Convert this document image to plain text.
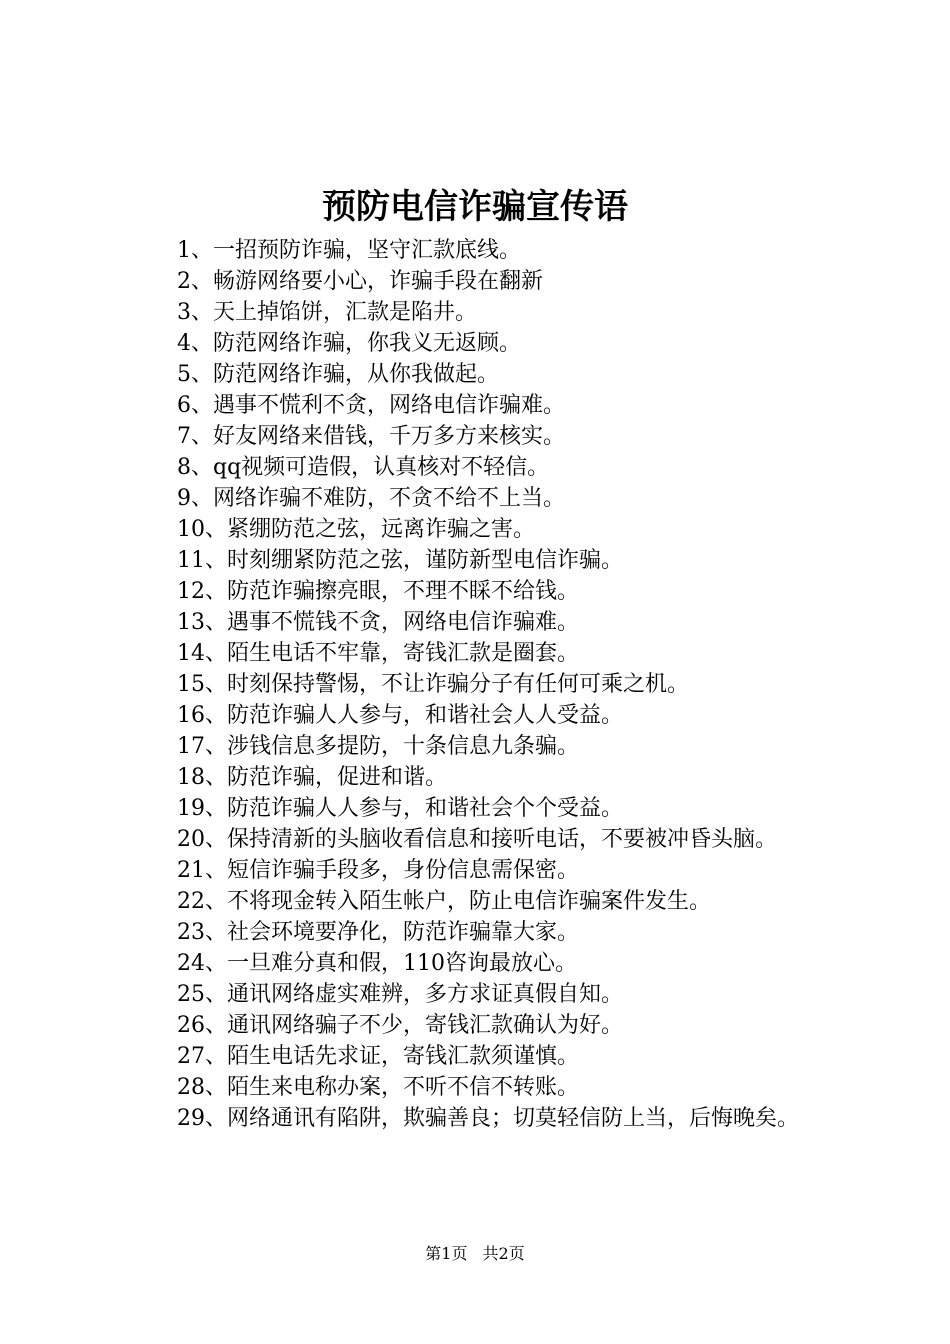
预防电信诈骗宣传语
1、一招预防诈骗，坚守汇款底线。
2、畅游网络要小心，诈骗手段在翻新
3、天上掉馅饼，汇款是陷井。
4、防范网络诈骗，你我义无返顾。
5、防范网络诈骗，从你我做起。
6、遇事不慌利不贪，网络电信诈骗难。
7、好友网络来借钱，千万多方来核实。
8、qq视频可造假，认真核对不轻信。
9、网络诈骗不难防，不贪不给不上当。
10、紧绷防范之弦，远离诈骗之害。
11、时刻绷紧防范之弦，谨防新型电信诈骗。
12、防范诈骗擦亮眼，不理不睬不给钱。
13、遇事不慌钱不贪，网络电信诈骗难。
14、陌生电话不牢靠，寄钱汇款是圈套。
15、时刻保持警惕，不让诈骗分子有任何可乘之机。
16、防范诈骗人人参与，和谐社会人人受益。
17、涉钱信息多提防，十条信息九条骗。
18、防范诈骗，促进和谐。
19、防范诈骗人人参与，和谐社会个个受益。
20、保持清新的头脑收看信息和接听电话，不要被冲昏头脑。
21、短信诈骗手段多，身份信息需保密。
22、不将现金转入陌生帐户，防止电信诈骗案件发生。
23、社会环境要净化，防范诈骗靠大家。
24、一旦难分真和假，110咨询最放心。
25、通讯网络虚实难辨，多方求证真假自知。
26、通讯网络骗子不少，寄钱汇款确认为好。
27、陌生电话先求证，寄钱汇款须谨慎。
28、陌生来电称办案，不听不信不转账。
29、网络通讯有陷阱，欺骗善良；切莫轻信防上当，后悔晚矣。
第1页 共2页
